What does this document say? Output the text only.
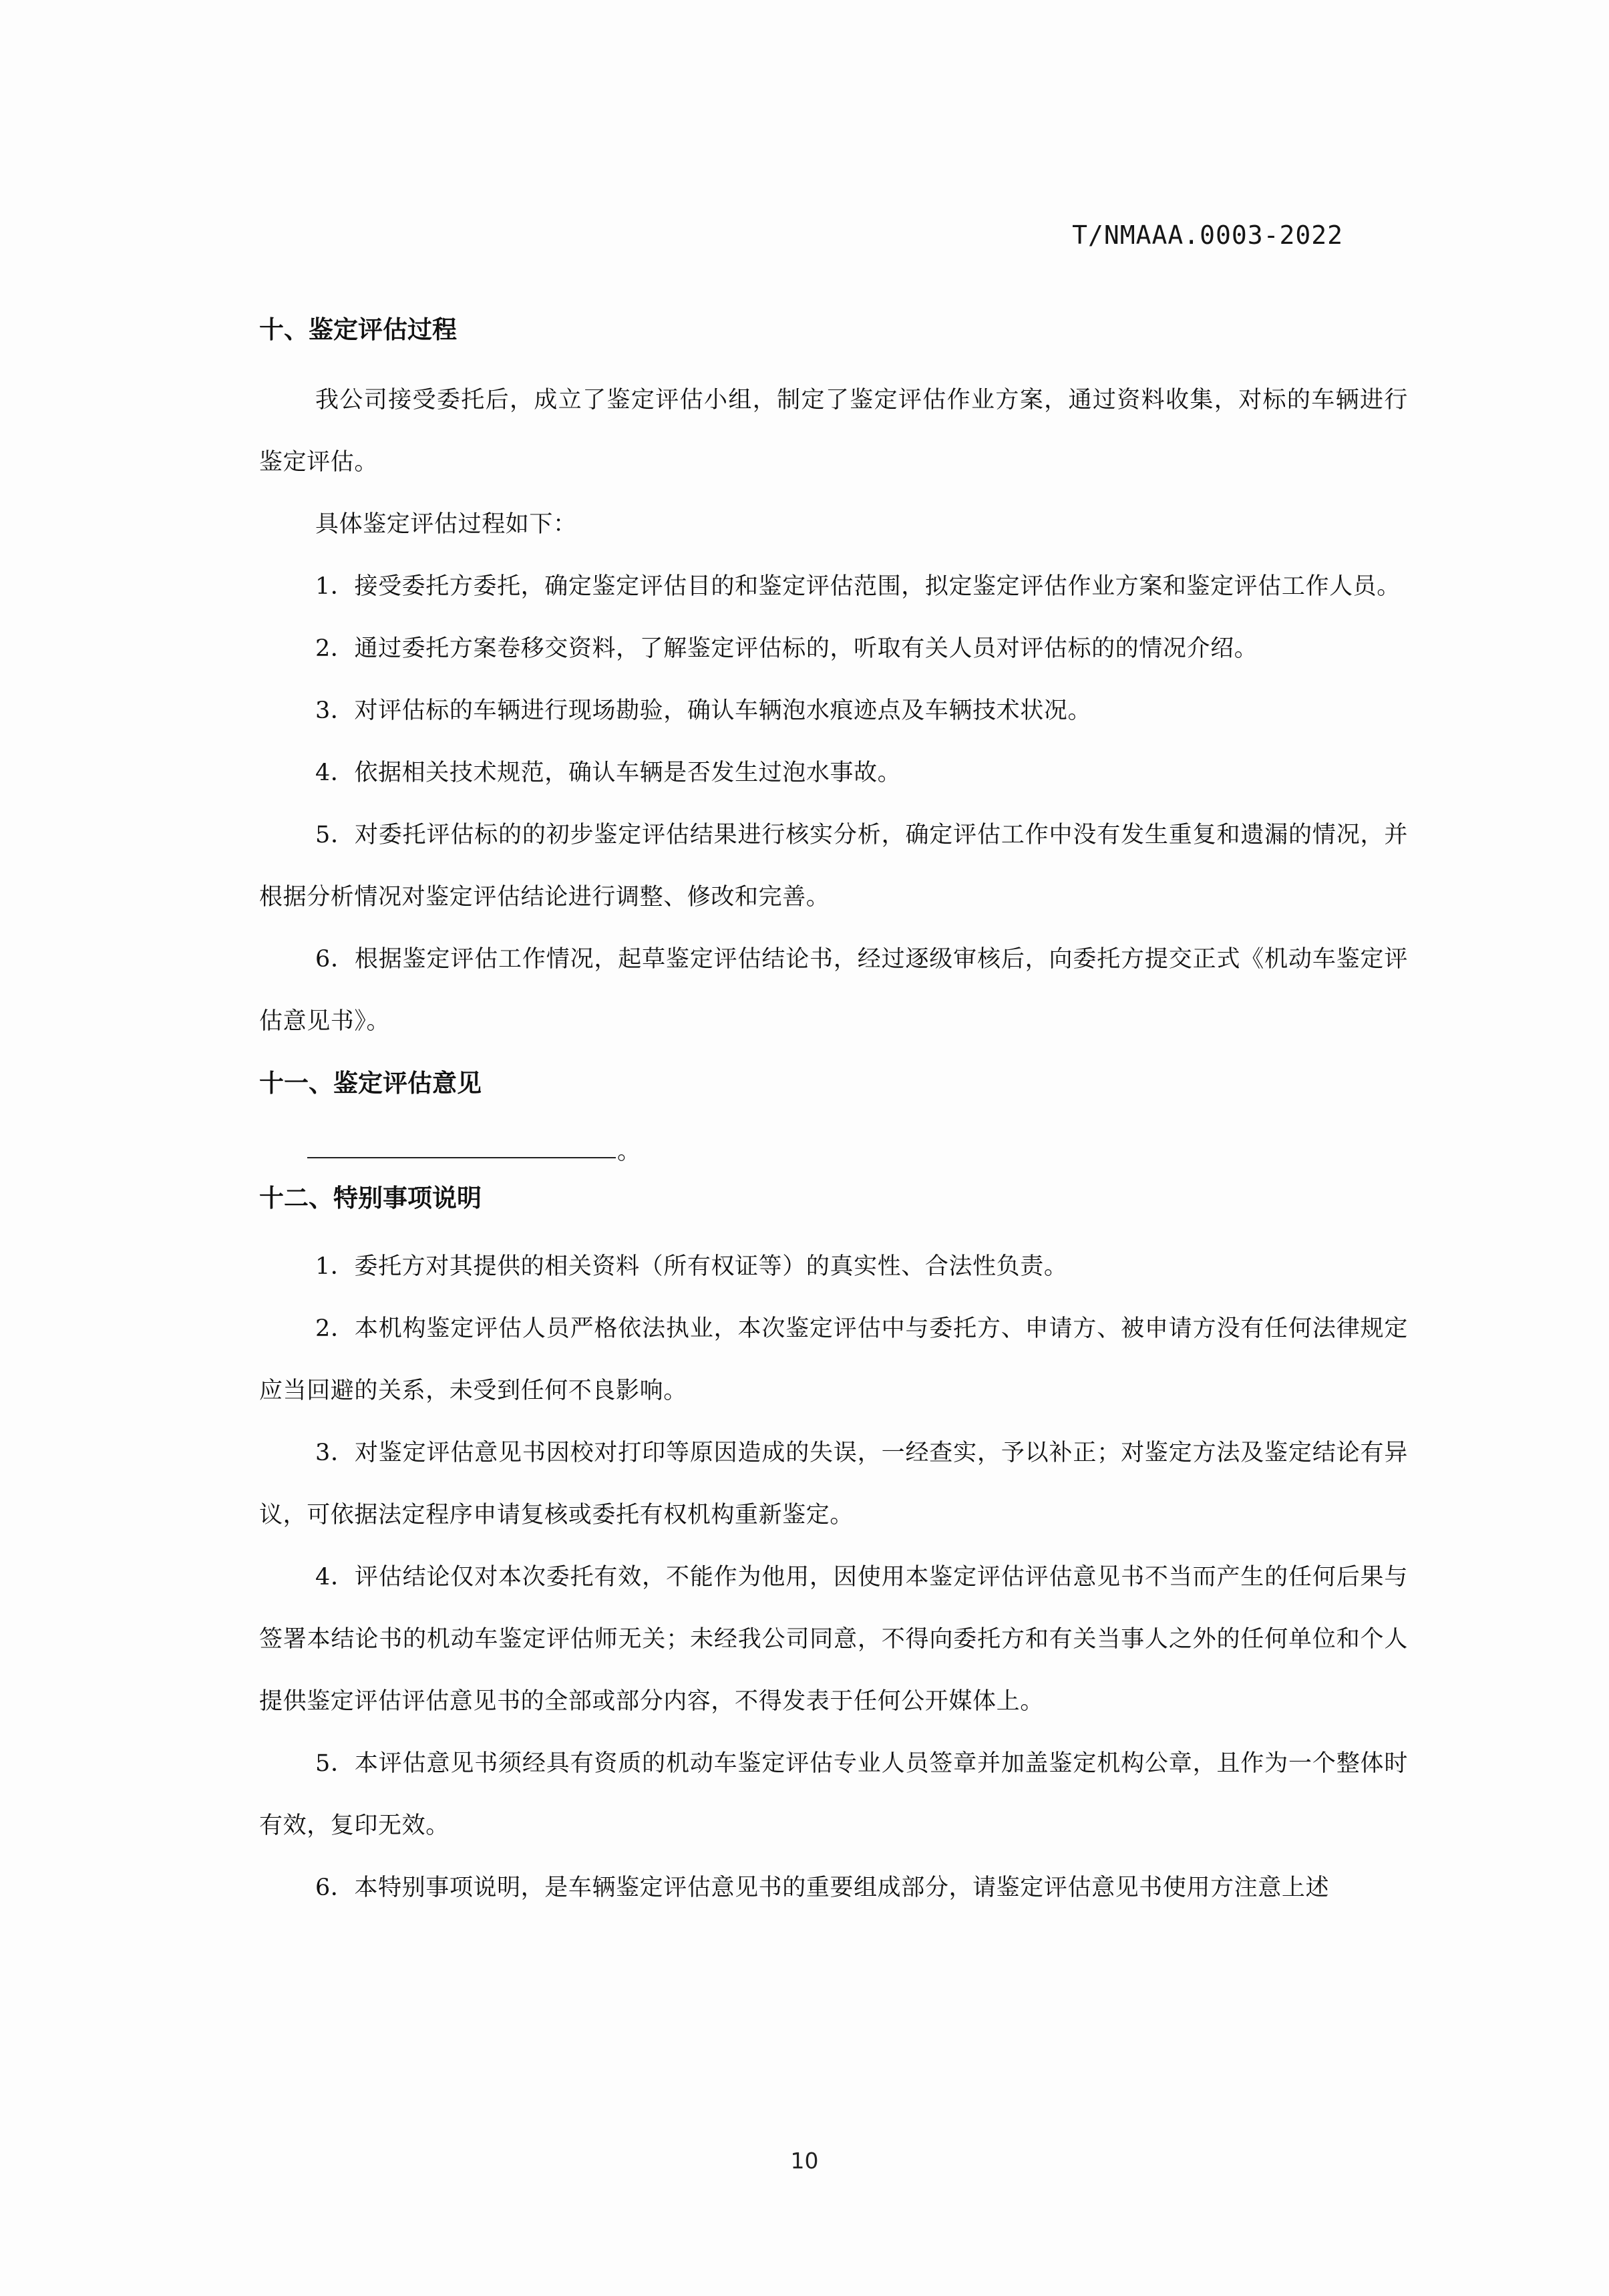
T/NMAAA.0003-2022
十、鉴定评估过程

我公司接受委托后，成立了鉴定评估小组，制定了鉴定评估作业方案，通过资料收集，对标的车辆进行鉴定评估。

具体鉴定评估过程如下：

1．接受委托方委托，确定鉴定评估目的和鉴定评估范围，拟定鉴定评估作业方案和鉴定评估工作人员。

2．通过委托方案卷移交资料，了解鉴定评估标的，听取有关人员对评估标的的情况介绍。

3．对评估标的车辆进行现场勘验，确认车辆泡水痕迹点及车辆技术状况。

4．依据相关技术规范，确认车辆是否发生过泡水事故。

5．对委托评估标的的初步鉴定评估结果进行核实分析，确定评估工作中没有发生重复和遗漏的情况，并根据分析情况对鉴定评估结论进行调整、修改和完善。

6．根据鉴定评估工作情况，起草鉴定评估结论书，经过逐级审核后，向委托方提交正式《机动车鉴定评估意见书》。

十一、鉴定评估意见
。
十二、特别事项说明

1．委托方对其提供的相关资料（所有权证等）的真实性、合法性负责。

2．本机构鉴定评估人员严格依法执业，本次鉴定评估中与委托方、申请方、被申请方没有任何法律规定应当回避的关系，未受到任何不良影响。

3．对鉴定评估意见书因校对打印等原因造成的失误，一经查实，予以补正；对鉴定方法及鉴定结论有异议，可依据法定程序申请复核或委托有权机构重新鉴定。

4．评估结论仅对本次委托有效，不能作为他用，因使用本鉴定评估评估意见书不当而产生的任何后果与签署本结论书的机动车鉴定评估师无关；未经我公司同意，不得向委托方和有关当事人之外的任何单位和个人提供鉴定评估评估意见书的全部或部分内容，不得发表于任何公开媒体上。

5．本评估意见书须经具有资质的机动车鉴定评估专业人员签章并加盖鉴定机构公章，且作为一个整体时有效，复印无效。

6．本特别事项说明，是车辆鉴定评估意见书的重要组成部分，请鉴定评估意见书使用方注意上述

10
